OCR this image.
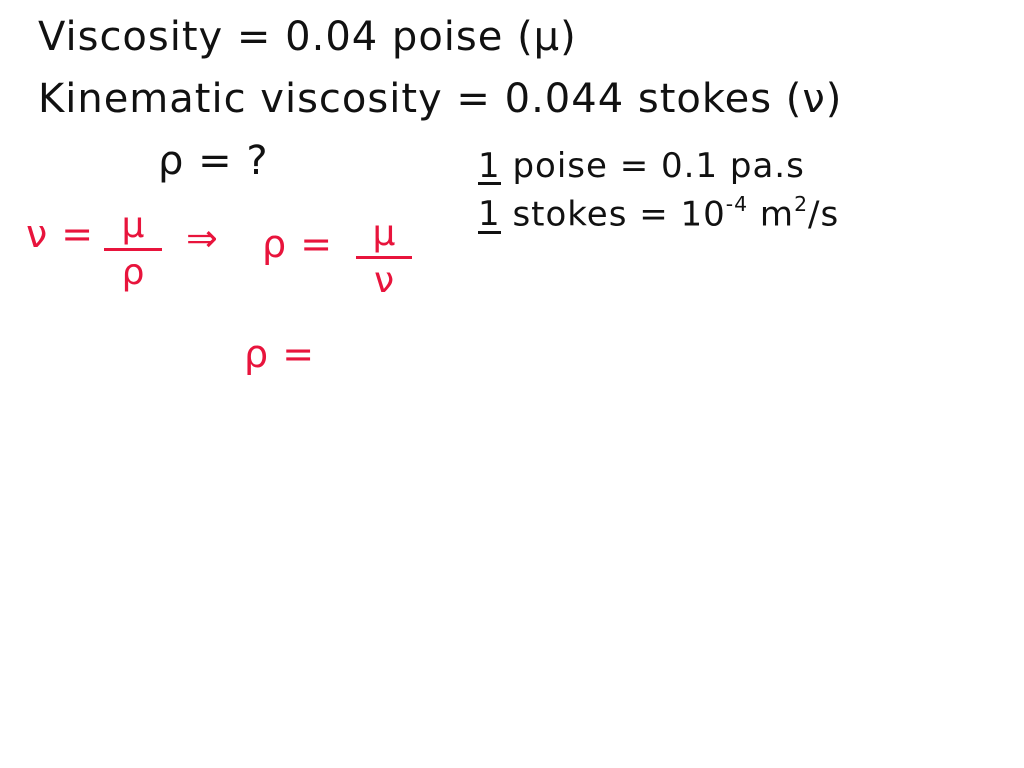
Viscosity = 0.04 poise (μ)
Kinematic viscosity = 0.044 stokes (ν)
ρ = ?	1 poise = 0.1 pa.s
1 stokes = $10^{-4}$ $m^2/s$
ν = μ
ρ
⇒ ρ = μ
ν
ρ =
